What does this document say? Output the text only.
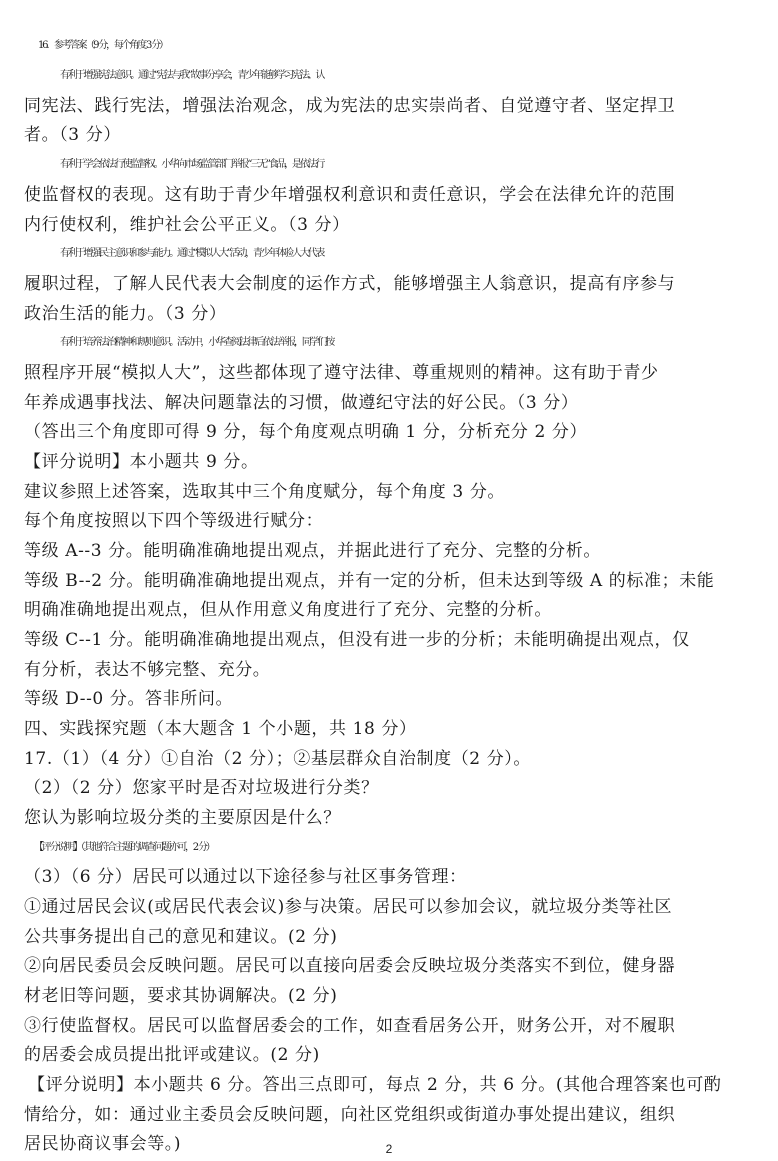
16．参考答案（9 分，每个角度 3 分）
有利于增强宪法意识。通过“宪法与我”故事分享会，青少年能够学习宪法、认
同宪法、践行宪法，增强法治观念，成为宪法的忠实崇尚者、自觉遵守者、坚定捍卫
者。（3 分）
有利于学会依法行使监督权。小华向市场监管部门举报“三无”食品，是依法行
使监督权的表现。这有助于青少年增强权利意识和责任意识，学会在法律允许的范围
内行使权利，维护社会公平正义。（3 分）
有利于增强民主意识和参与能力。通过“模拟人大”活动，青少年体验人大代表
履职过程，了解人民代表大会制度的运作方式，能够增强主人翁意识，提高有序参与
政治生活的能力。（3 分）
有利于培养法治精神和规则意识。活动中，小华查阅法律后依法举报，同学们按
照程序开展“模拟人大”，这些都体现了遵守法律、尊重规则的精神。这有助于青少
年养成遇事找法、解决问题靠法的习惯，做遵纪守法的好公民。（3 分）
（答出三个角度即可得 9 分，每个角度观点明确 1 分，分析充分 2 分）
【评分说明】本小题共 9 分。
建议参照上述答案，选取其中三个角度赋分，每个角度 3 分。
每个角度按照以下四个等级进行赋分：
等级 A--3 分。能明确准确地提出观点，并据此进行了充分、完整的分析。
等级 B--2 分。能明确准确地提出观点，并有一定的分析，但未达到等级 A 的标准；未能
明确准确地提出观点，但从作用意义角度进行了充分、完整的分析。
等级 C--1 分。能明确准确地提出观点，但没有进一步的分析；未能明确提出观点，仅
有分析，表达不够完整、充分。
等级 D--0 分。答非所问。
四、实践探究题（本大题含 1 个小题，共 18 分）
17.（1）（4 分）①自治（2 分）；②基层群众自治制度（2 分）。
（2）（2 分）您家平时是否对垃圾进行分类？
您认为影响垃圾分类的主要原因是什么？
【评分说明】（其他符合主题的调查问题亦可，2 分）
（3）（6 分）居民可以通过以下途径参与社区事务管理：
①通过居民会议(或居民代表会议)参与决策。居民可以参加会议，就垃圾分类等社区
公共事务提出自己的意见和建议。(2 分)
②向居民委员会反映问题。居民可以直接向居委会反映垃圾分类落实不到位，健身器
材老旧等问题，要求其协调解决。(2 分)
③行使监督权。居民可以监督居委会的工作，如查看居务公开，财务公开，对不履职
的居委会成员提出批评或建议。(2 分)
【评分说明】本小题共 6 分。答出三点即可，每点 2 分，共 6 分。(其他合理答案也可酌
情给分，如：通过业主委员会反映问题，向社区党组织或街道办事处提出建议，组织
居民协商议事会等。)	2
